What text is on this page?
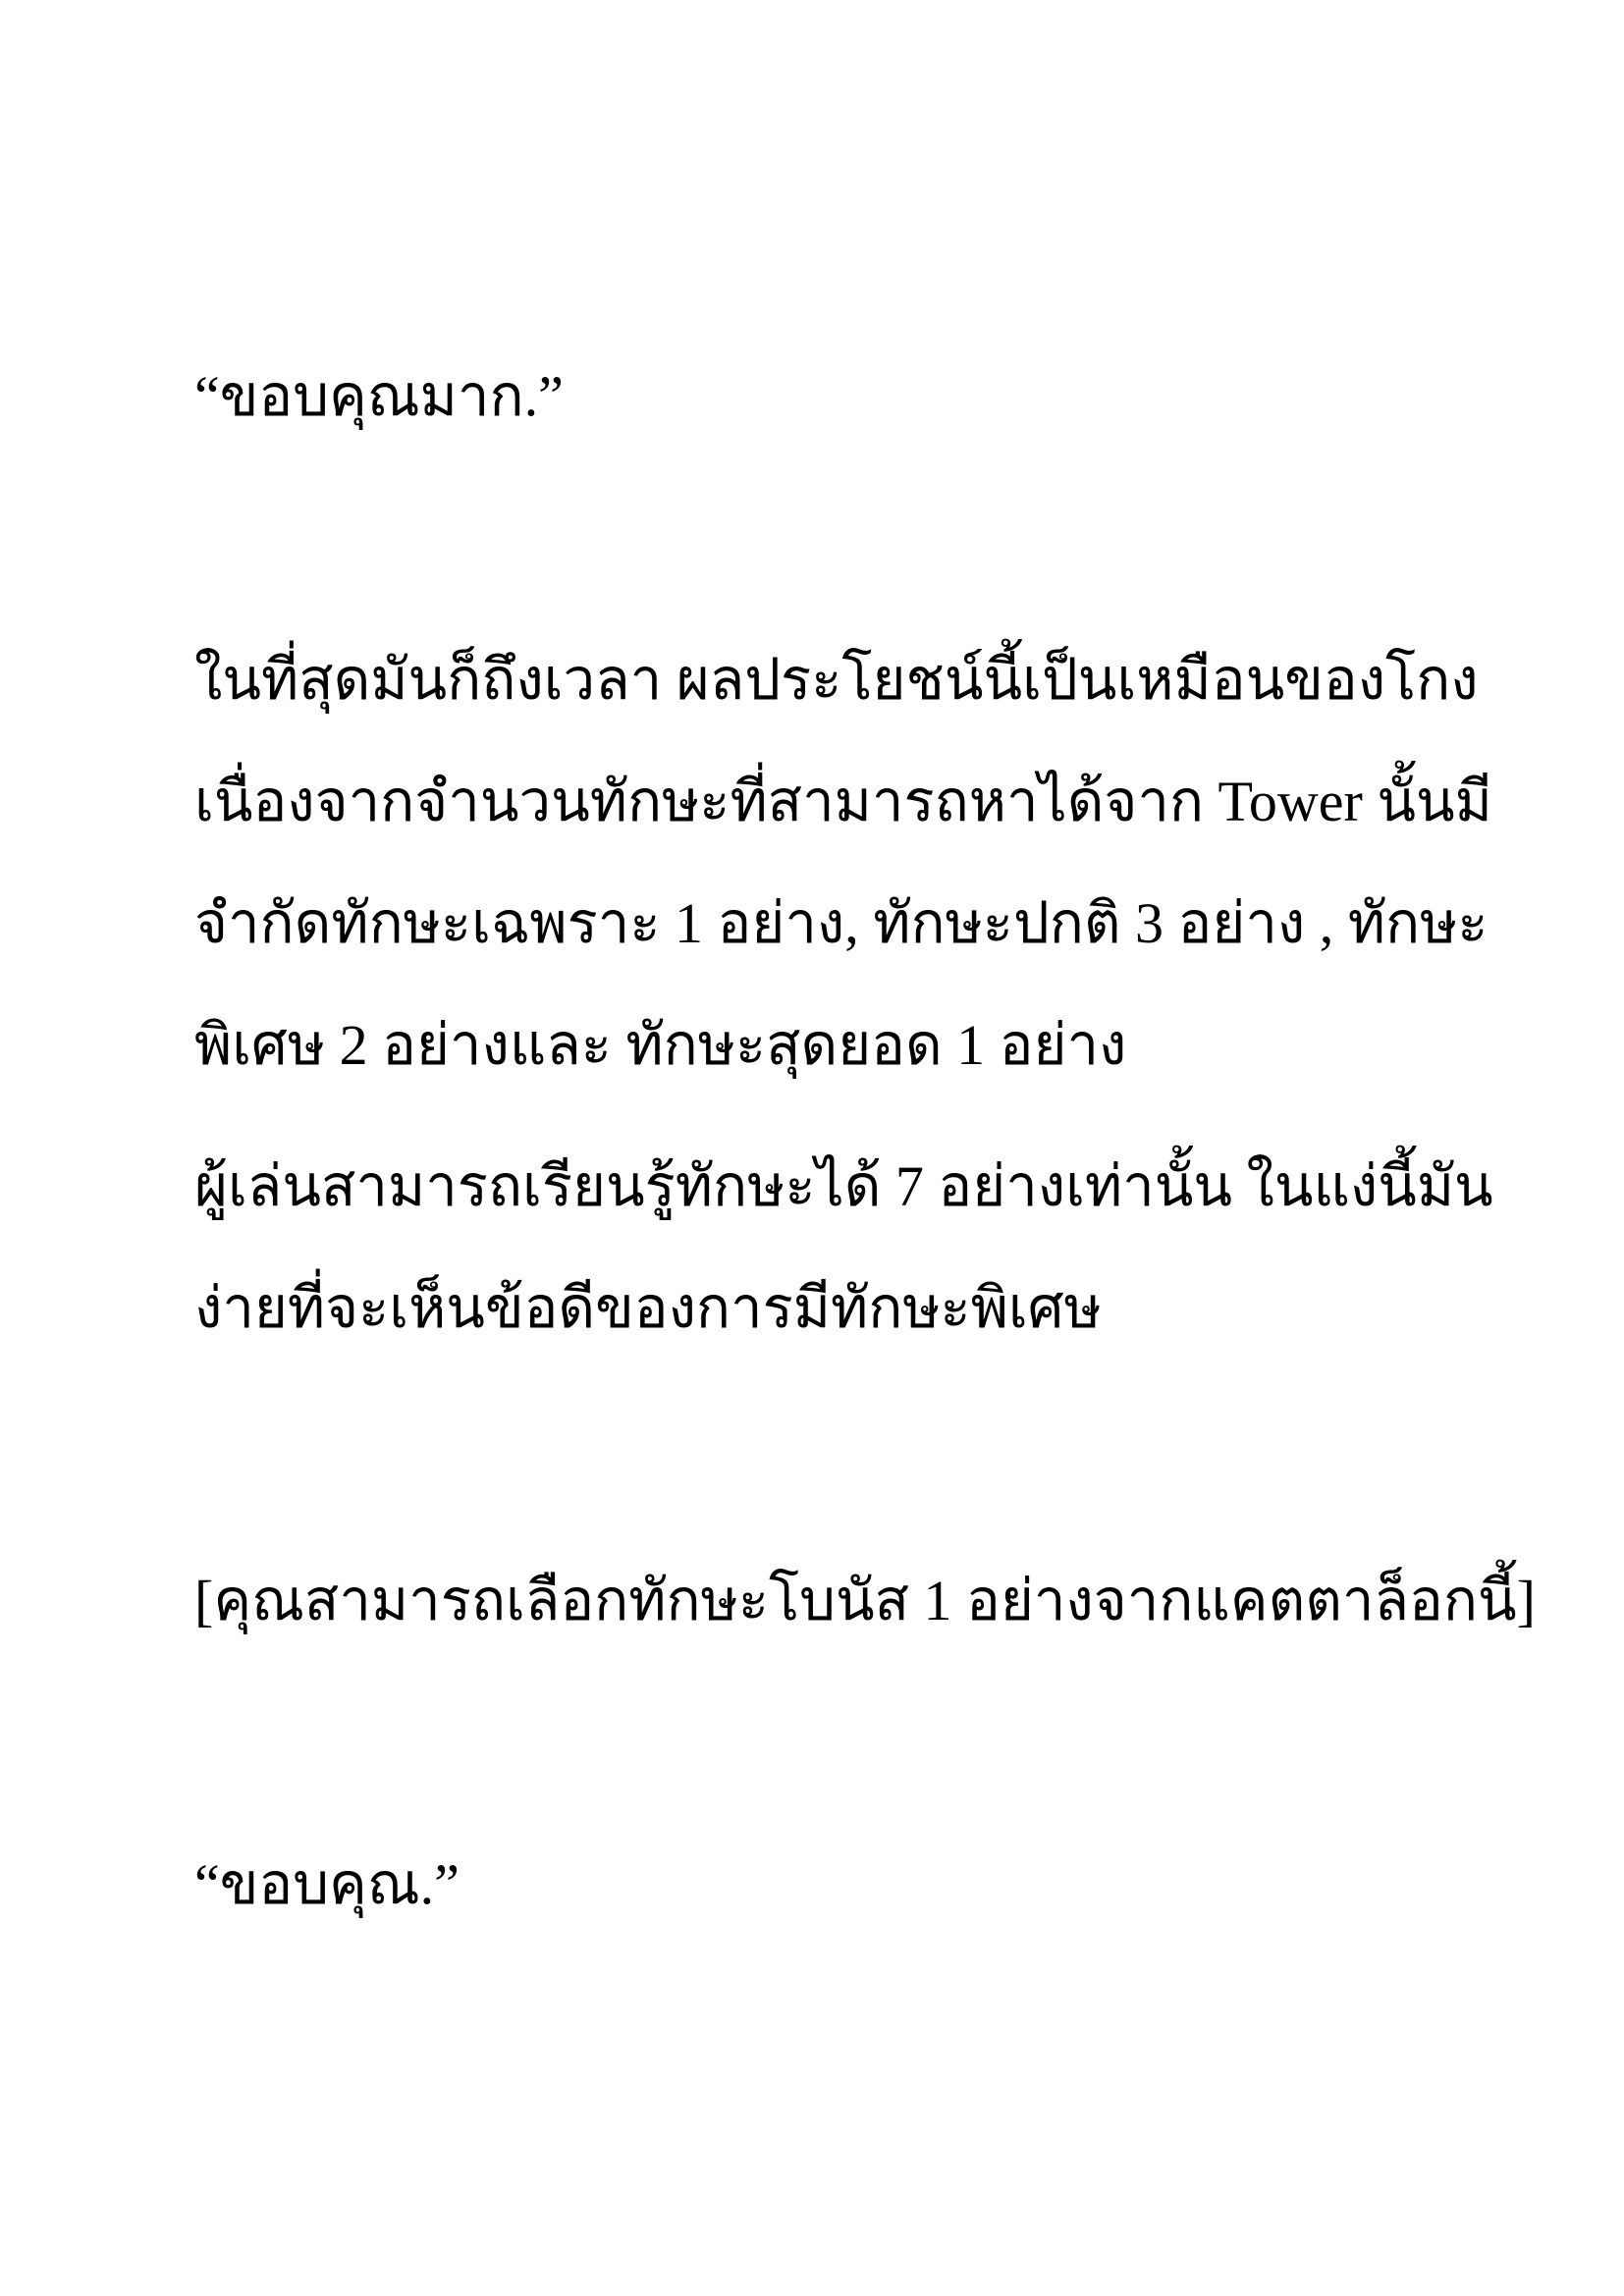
“ขอบคุณมาก.”
ในที่สุดมันก็ถึงเวลา ผลประโยชน์นี้เป็นเหมือนของโกง
เนื่องจากจำนวนทักษะที่สามารถหาได้จาก Tower นั้นมี
จำกัดทักษะเฉพราะ 1 อย่าง, ทักษะปกติ 3 อย่าง , ทักษะ
พิเศษ 2 อย่างและ ทักษะสุดยอด 1 อย่าง
ผู้เล่นสามารถเรียนรู้ทักษะได้ 7 อย่างเท่านั้น ในแง่นี้มัน
ง่ายที่จะเห็นข้อดีของการมีทักษะพิเศษ
[คุณสามารถเลือกทักษะโบนัส 1 อย่างจากแคตตาล็อกนี้]
“ขอบคุณ.”
